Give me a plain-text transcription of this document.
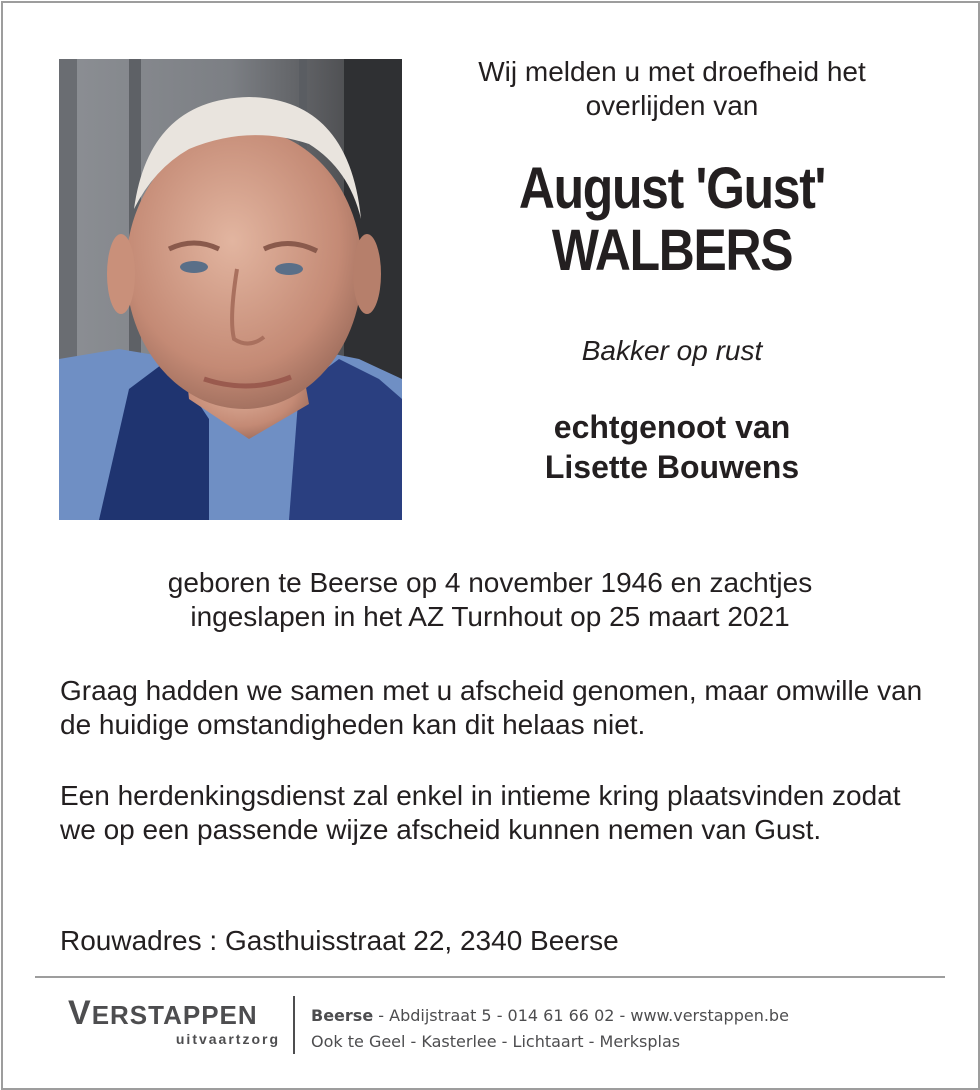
Wij melden u met droefheid het
overlijden van
August 'Gust'
WALBERS
Bakker op rust
echtgenoot van
Lisette Bouwens
geboren te Beerse op 4 november 1946 en zachtjes
ingeslapen in het AZ Turnhout op 25 maart 2021
Graag hadden we samen met u afscheid genomen, maar omwille van de huidige omstandigheden kan dit helaas niet.
Een herdenkingsdienst zal enkel in intieme kring plaatsvinden zodat we op een passende wijze afscheid kunnen nemen van Gust.
Rouwadres : Gasthuisstraat 22, 2340 Beerse
VERSTAPPEN
uitvaartzorg
Beerse - Abdijstraat 5 - 014 61 66 02 - www.verstappen.be
Ook te Geel - Kasterlee - Lichtaart - Merksplas
